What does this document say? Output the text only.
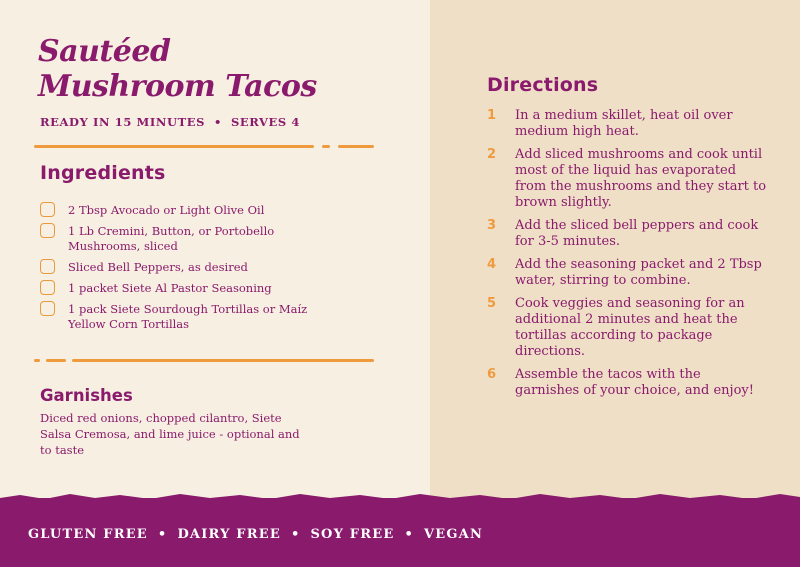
Sautéed Mushroom Tacos
READY IN 15 MINUTES • SERVES 4
Ingredients
2 Tbsp Avocado or Light Olive Oil
1 Lb Cremini, Button, or Portobello Mushrooms, sliced
Sliced Bell Peppers, as desired
1 packet Siete Al Pastor Seasoning
1 pack Siete Sourdough Tortillas or Maíz Yellow Corn Tortillas
Garnishes

Diced red onions, chopped cilantro, Siete Salsa Cremosa, and lime juice - optional and to taste

Directions
1	In a medium skillet, heat oil over medium high heat.
2	Add sliced mushrooms and cook until most of the liquid has evaporated from the mushrooms and they start to brown slightly.
3	Add the sliced bell peppers and cook for 3-5 minutes.
4	Add the seasoning packet and 2 Tbsp water, stirring to combine.
5	Cook veggies and seasoning for an additional 2 minutes and heat the tortillas according to package directions.
6	Assemble the tacos with the garnishes of your choice, and enjoy!
GLUTEN FREE • DAIRY FREE • SOY FREE • VEGAN
